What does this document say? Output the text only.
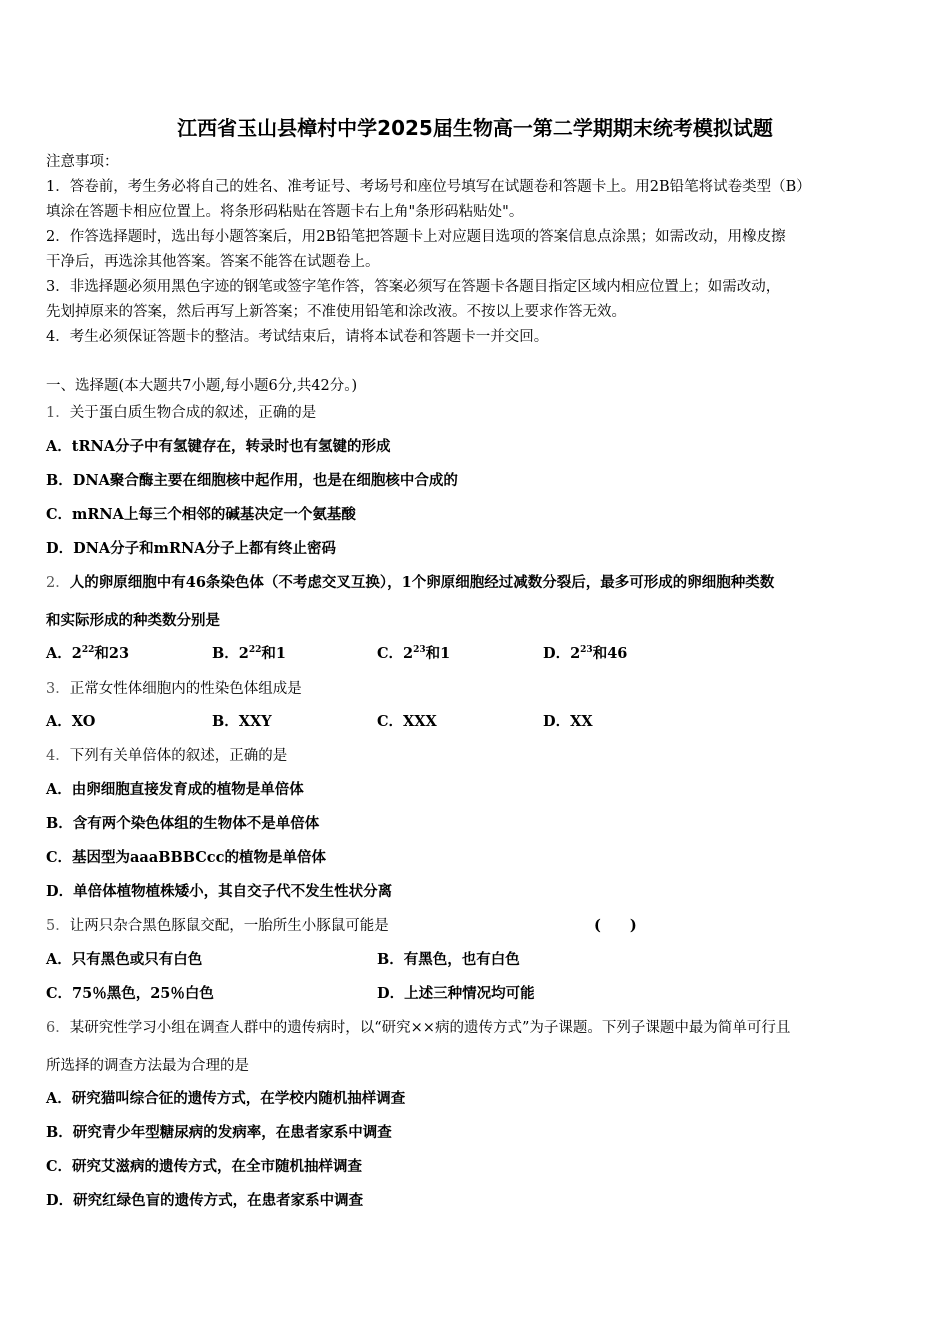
江西省玉山县樟村中学2025届生物高一第二学期期末统考模拟试题

注意事项：

1．答卷前，考生务必将自己的姓名、准考证号、考场号和座位号填写在试题卷和答题卡上。用2B铅笔将试卷类型（B）

填涂在答题卡相应位置上。将条形码粘贴在答题卡右上角"条形码粘贴处"。

2．作答选择题时，选出每小题答案后，用2B铅笔把答题卡上对应题目选项的答案信息点涂黑；如需改动，用橡皮擦

干净后，再选涂其他答案。答案不能答在试题卷上。

3．非选择题必须用黑色字迹的钢笔或签字笔作答，答案必须写在答题卡各题目指定区域内相应位置上；如需改动，

先划掉原来的答案，然后再写上新答案；不准使用铅笔和涂改液。不按以上要求作答无效。

4．考生必须保证答题卡的整洁。考试结束后，请将本试卷和答题卡一并交回。

一、选择题(本大题共7小题,每小题6分,共42分。)
1．关于蛋白质生物合成的叙述，正确的是
A．tRNA分子中有氢键存在，转录时也有氢键的形成
B．DNA聚合酶主要在细胞核中起作用，也是在细胞核中合成的
C．mRNA上每三个相邻的碱基决定一个氨基酸
D．DNA分子和mRNA分子上都有终止密码
2．人的卵原细胞中有46条染色体（不考虑交叉互换），1个卵原细胞经过减数分裂后，最多可形成的卵细胞种类数
和实际形成的种类数分别是
A．$2^{22}$和23	B．$2^{22}$和1	C．$2^{23}$和1	D．$2^{23}$和46
3．正常女性体细胞内的性染色体组成是
A．XO	B．XXY	C．XXX	D．XX
4．下列有关单倍体的叙述，正确的是
A．由卵细胞直接发育成的植物是单倍体
B．含有两个染色体组的生物体不是单倍体
C．基因型为aaaBBBCcc的植物是单倍体
D．单倍体植物植株矮小，其自交子代不发生性状分离
5．让两只杂合黑色豚鼠交配，一胎所生小豚鼠可能是	(　　)
A．只有黑色或只有白色	B．有黑色，也有白色
C．75％黑色，25％白色	D．上述三种情况均可能
6．某研究性学习小组在调查人群中的遗传病时，以“研究××病的遗传方式”为子课题。下列子课题中最为简单可行且
所选择的调查方法最为合理的是
A．研究猫叫综合征的遗传方式，在学校内随机抽样调查
B．研究青少年型糖尿病的发病率，在患者家系中调查
C．研究艾滋病的遗传方式，在全市随机抽样调查
D．研究红绿色盲的遗传方式，在患者家系中调查
